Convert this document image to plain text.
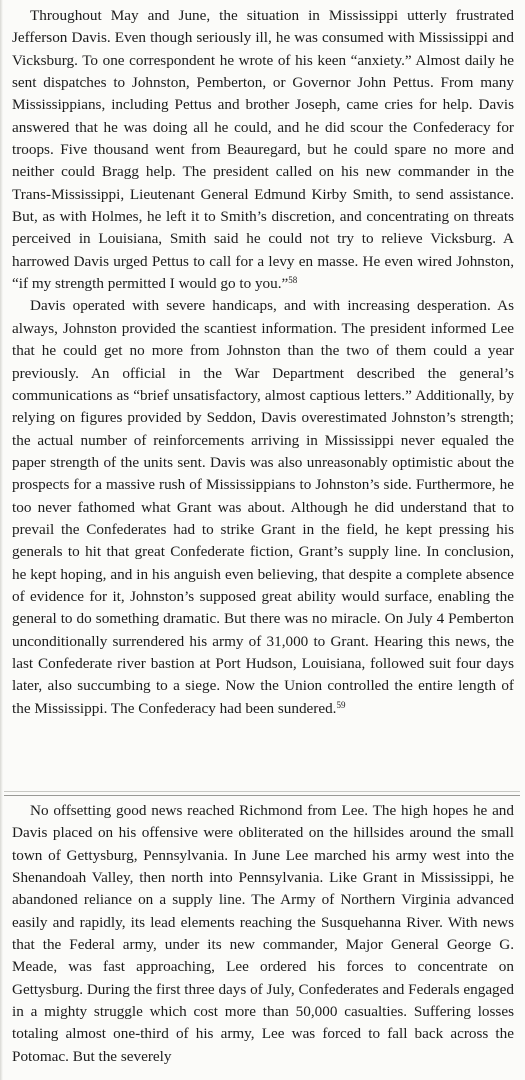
Throughout May and June, the situation in Mississippi utterly frustrated Jefferson Davis. Even though seriously ill, he was consumed with Mississippi and Vicksburg. To one correspondent he wrote of his keen “anxiety.” Almost daily he sent dispatches to Johnston, Pemberton, or Governor John Pettus. From many Mississippians, including Pettus and brother Joseph, came cries for help. Davis answered that he was doing all he could, and he did scour the Confederacy for troops. Five thousand went from Beauregard, but he could spare no more and neither could Bragg help. The president called on his new commander in the Trans-Mississippi, Lieutenant General Edmund Kirby Smith, to send assistance. But, as with Holmes, he left it to Smith’s discretion, and concentrating on threats perceived in Louisiana, Smith said he could not try to relieve Vicksburg. A harrowed Davis urged Pettus to call for a levy en masse. He even wired Johnston, “if my strength permitted I would go to you.”$^{58}$

Davis operated with severe handicaps, and with increasing desperation. As always, Johnston provided the scantiest information. The president informed Lee that he could get no more from Johnston than the two of them could a year previously. An official in the War Department described the general’s communications as “brief unsatisfactory, almost captious letters.” Additionally, by relying on figures provided by Seddon, Davis overestimated Johnston’s strength; the actual number of reinforcements arriving in Mississippi never equaled the paper strength of the units sent. Davis was also unreasonably optimistic about the prospects for a massive rush of Mississippians to Johnston’s side. Furthermore, he too never fathomed what Grant was about. Although he did understand that to prevail the Confederates had to strike Grant in the field, he kept pressing his generals to hit that great Confederate fiction, Grant’s supply line. In conclusion, he kept hoping, and in his anguish even believing, that despite a complete absence of evidence for it, Johnston’s supposed great ability would surface, enabling the general to do something dramatic. But there was no miracle. On July 4 Pemberton unconditionally surrendered his army of 31,000 to Grant. Hearing this news, the last Confederate river bastion at Port Hudson, Louisiana, followed suit four days later, also succumbing to a siege. Now the Union controlled the entire length of the Mississippi. The Confederacy had been sundered.$^{59}$

No offsetting good news reached Richmond from Lee. The high hopes he and Davis placed on his offensive were obliterated on the hillsides around the small town of Gettysburg, Pennsylvania. In June Lee marched his army west into the Shenandoah Valley, then north into Pennsylvania. Like Grant in Mississippi, he abandoned reliance on a supply line. The Army of Northern Virginia advanced easily and rapidly, its lead elements reaching the Susquehanna River. With news that the Federal army, under its new commander, Major General George G. Meade, was fast approaching, Lee ordered his forces to concentrate on Gettysburg. During the first three days of July, Confederates and Federals engaged in a mighty struggle which cost more than 50,000 casualties. Suffering losses totaling almost one-third of his army, Lee was forced to fall back across the Potomac. But the severely
